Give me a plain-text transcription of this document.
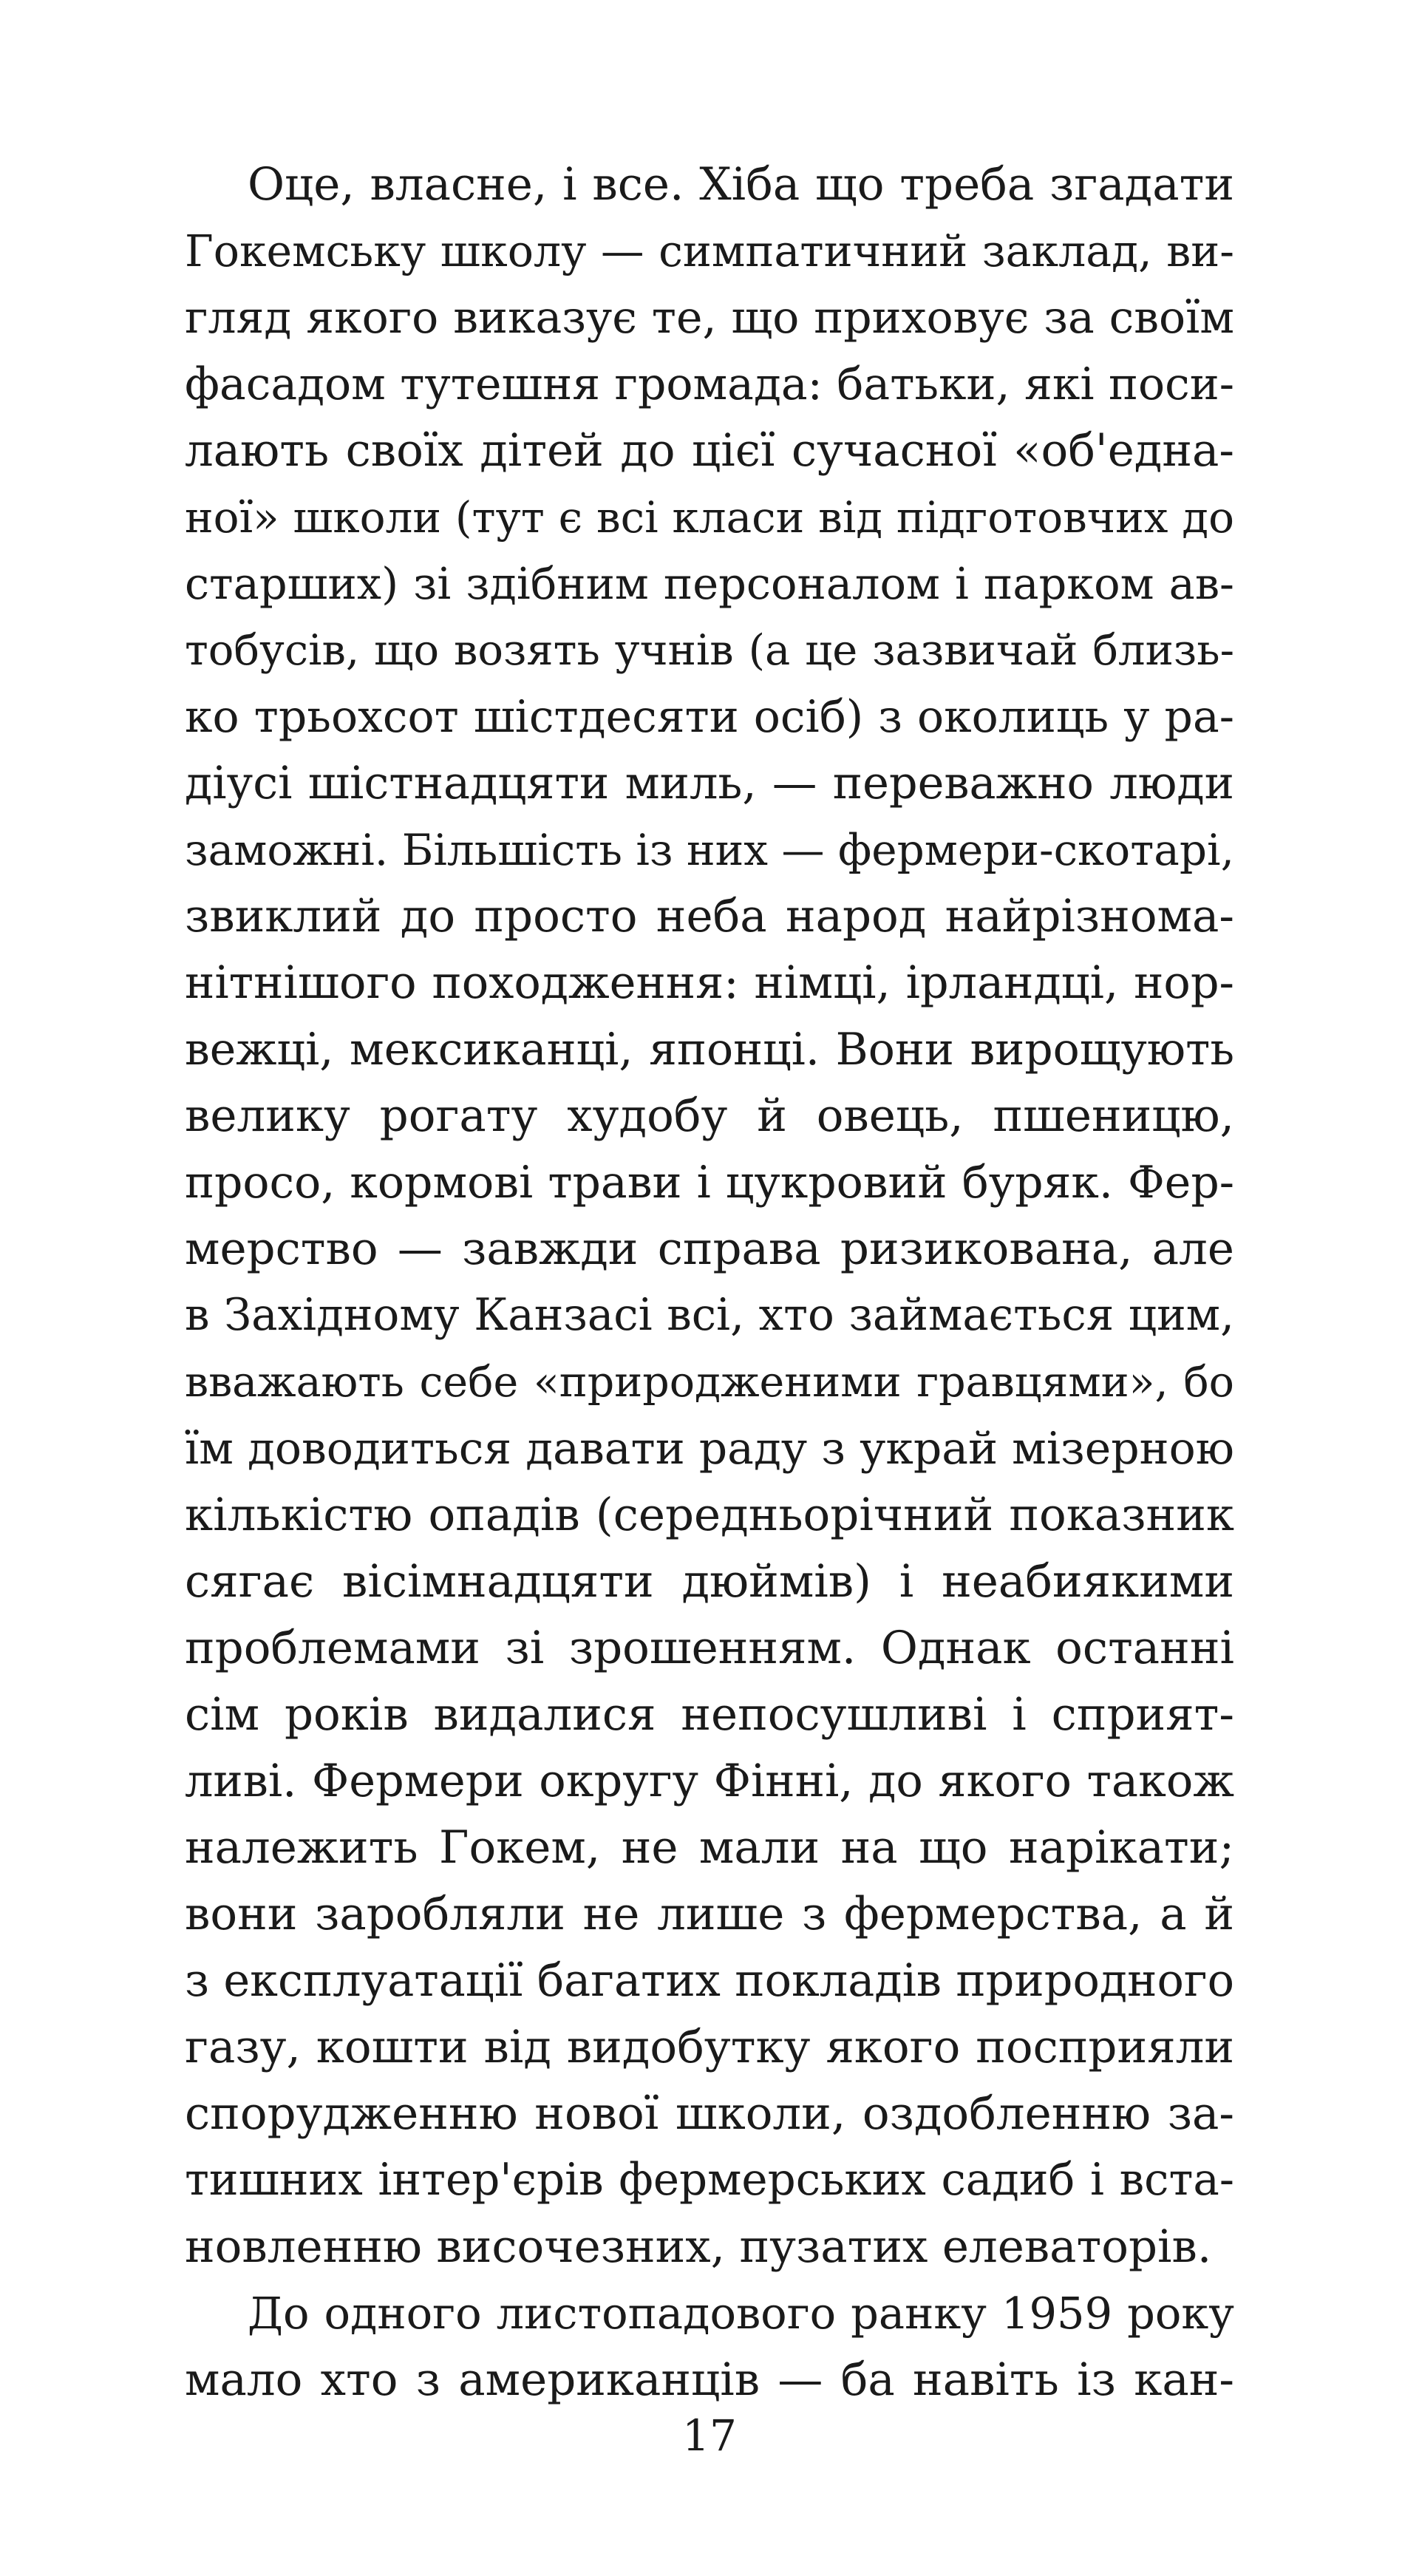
Оце, власне, і все. Хіба що треба згадати
Гокемську школу — симпатичний заклад, ви-
гляд якого виказує те, що приховує за своїм
фасадом тутешня громада: батьки, які поси-
лають своїх дітей до цієї сучасної «об'една-
ної» школи (тут є всі класи від підготовчих до
старших) зі здібним персоналом і парком ав-
тобусів, що возять учнів (а це зазвичай близь-
ко трьохсот шістдесяти осіб) з околиць у ра-
діусі шістнадцяти миль, — переважно люди
заможні. Більшість із них — фермери-скотарі,
звиклий до просто неба народ найрізнома-
нітнішого походження: німці, ірландці, нор-
вежці, мексиканці, японці. Вони вирощують
велику рогату худобу й овець, пшеницю,
просо, кормові трави і цукровий буряк. Фер-
мерство — завжди справа ризикована, але
в Західному Канзасі всі, хто займається цим,
вважають себе «природженими гравцями», бо
їм доводиться давати раду з украй мізерною
кількістю опадів (середньорічний показник
сягає вісімнадцяти дюймів) і неабиякими
проблемами зі зрошенням. Однак останні
сім років видалися непосушливі і сприят-
ливі. Фермери округу Фінні, до якого також
належить Гокем, не мали на що нарікати;
вони заробляли не лише з фермерства, а й
з експлуатації багатих покладів природного
газу, кошти від видобутку якого посприяли
спорудженню нової школи, оздобленню за-
тишних інтер'єрів фермерських садиб і вста-
новленню височезних, пузатих елеваторів.
До одного листопадового ранку 1959 року
мало хто з американців — ба навіть із кан-
17
